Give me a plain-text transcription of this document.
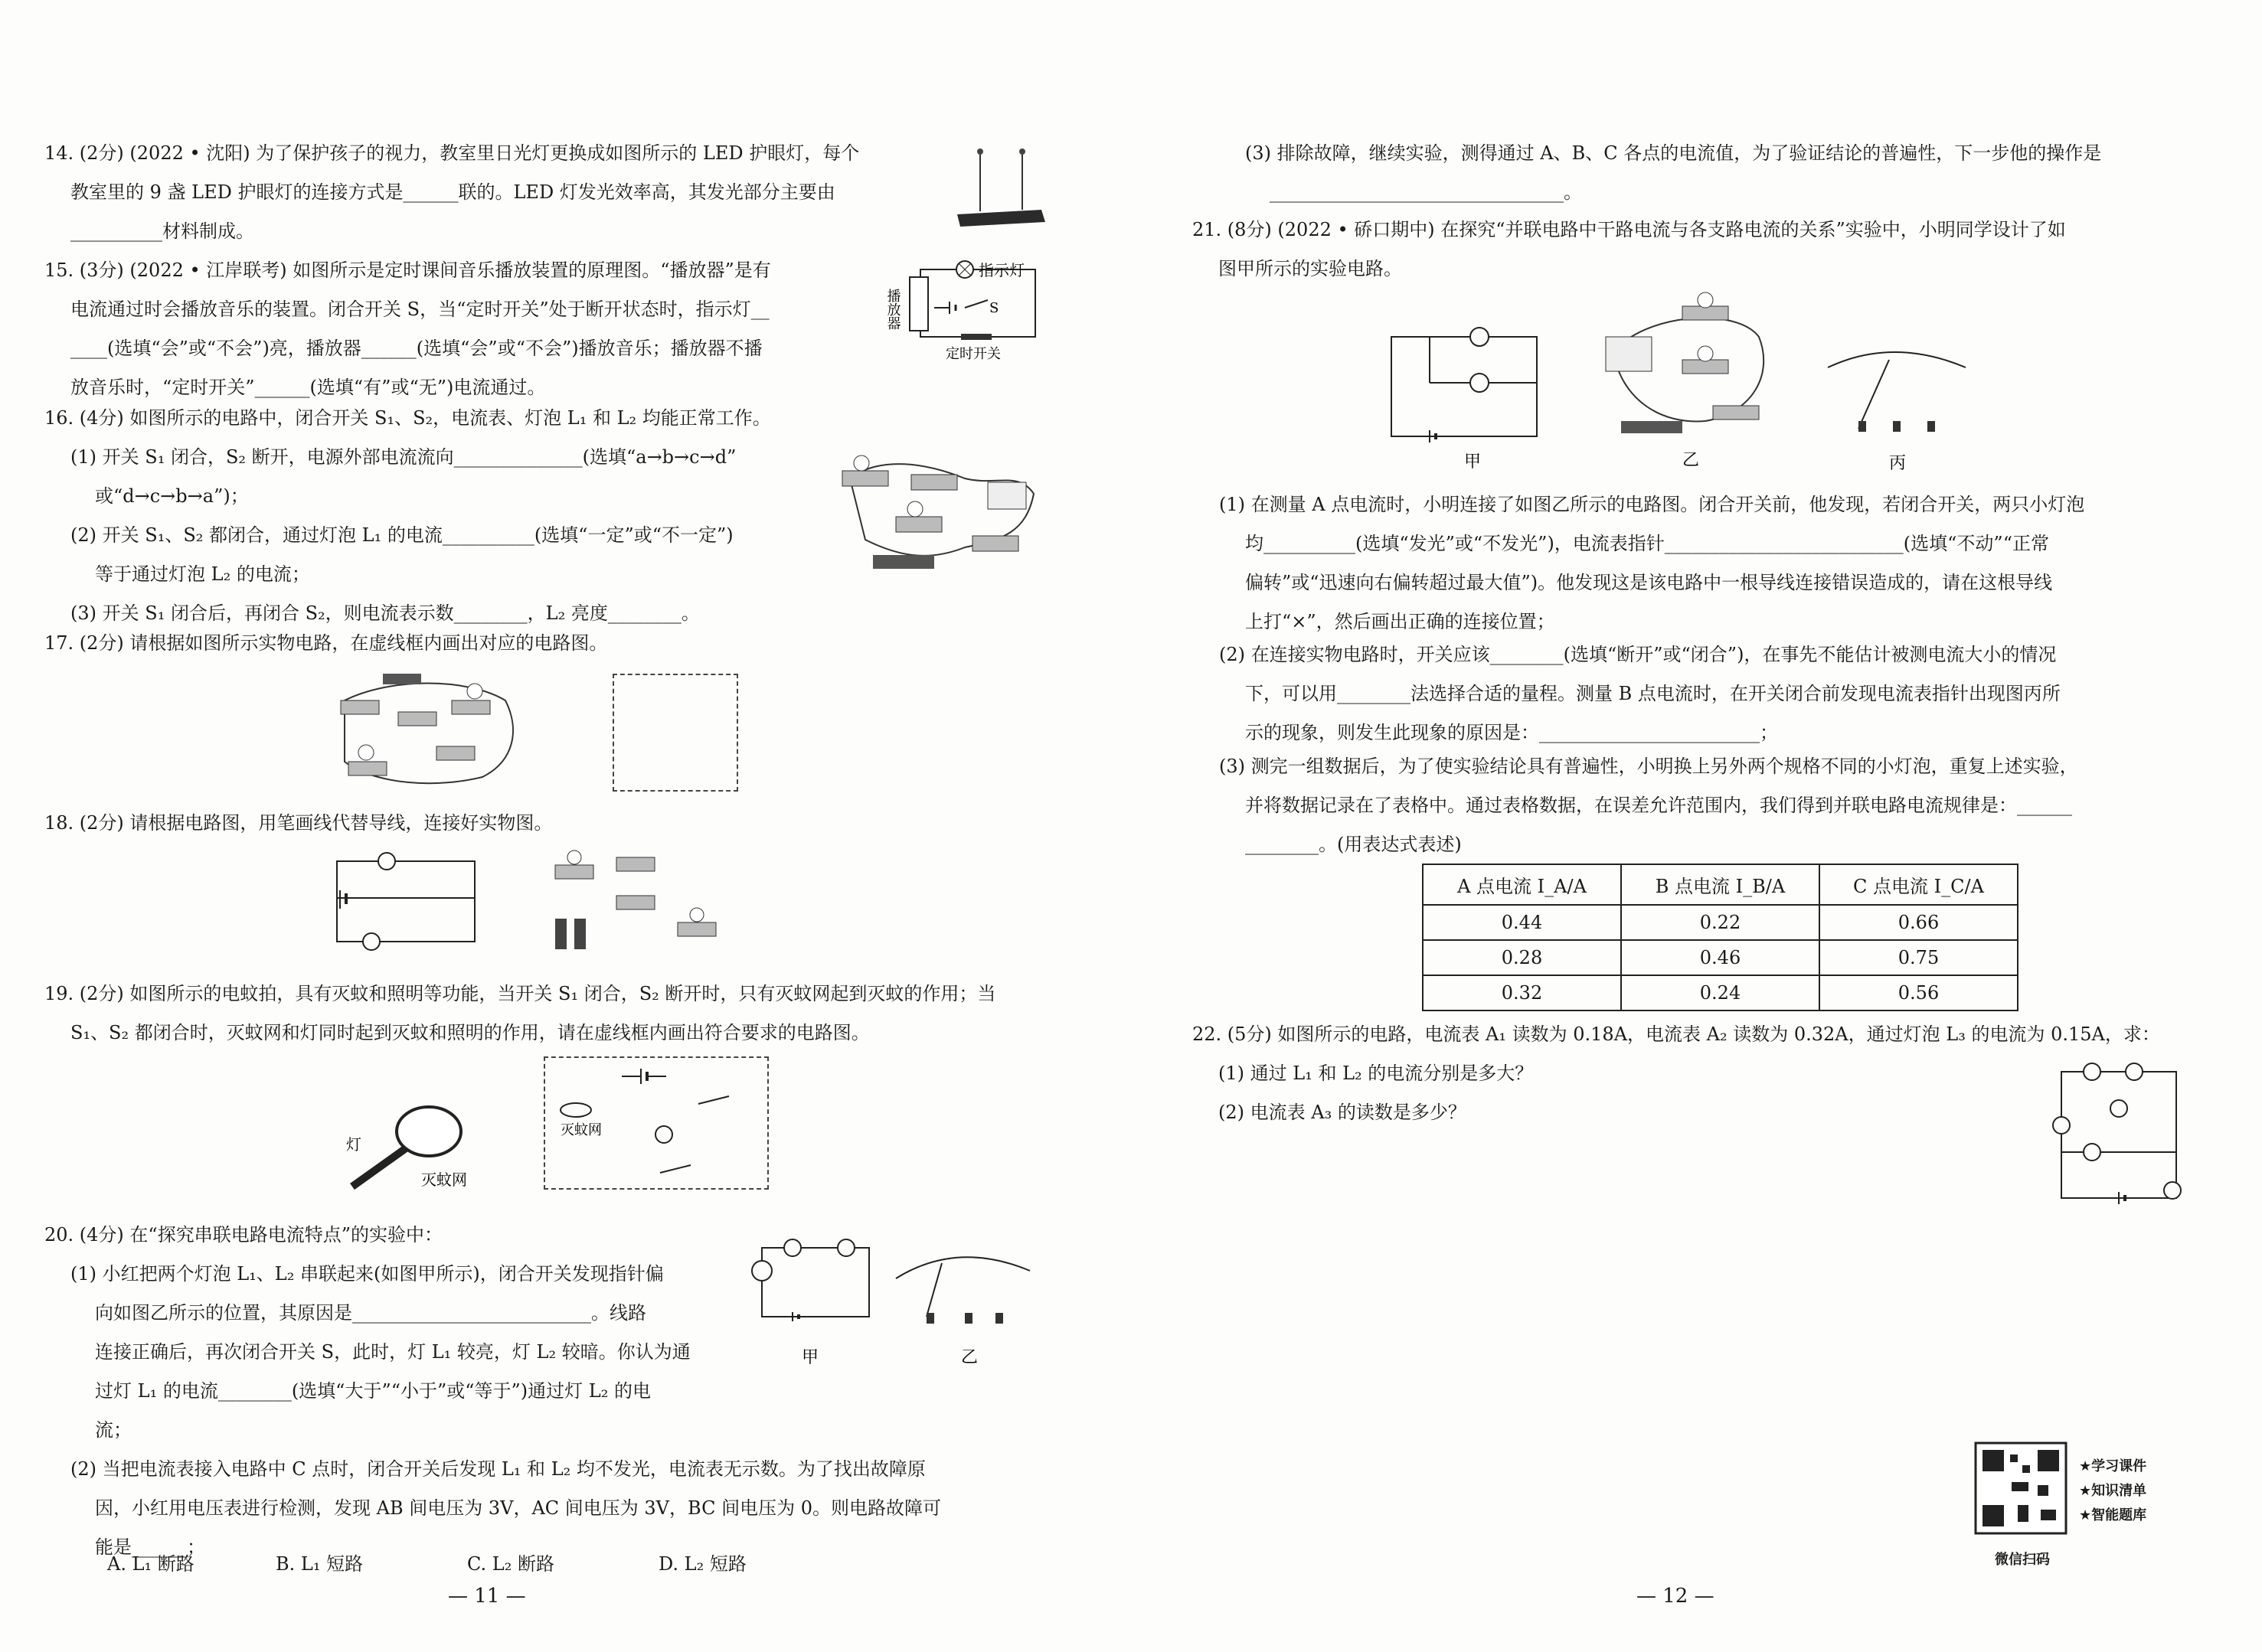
14. (2分) (2022 • 沈阳) 为了保护孩子的视力，教室里日光灯更换成如图所示的 LED 护眼灯，每个
教室里的 9 盏 LED 护眼灯的连接方式是______联的。LED 灯发光效率高，其发光部分主要由
__________材料制成。
15. (3分) (2022 • 江岸联考) 如图所示是定时课间音乐播放装置的原理图。“播放器”是有
电流通过时会播放音乐的装置。闭合开关 S，当“定时开关”处于断开状态时，指示灯__
____(选填“会”或“不会”)亮，播放器______(选填“会”或“不会”)播放音乐；播放器不播
放音乐时，“定时开关”______(选填“有”或“无”)电流通过。
指示灯
播放器	S
定时开关
16. (4分) 如图所示的电路中，闭合开关 S₁、S₂，电流表、灯泡 L₁ 和 L₂ 均能正常工作。
(1) 开关 S₁ 闭合，S₂ 断开，电源外部电流流向______________(选填“a→b→c→d”
或“d→c→b→a”)；
(2) 开关 S₁、S₂ 都闭合，通过灯泡 L₁ 的电流__________(选填“一定”或“不一定”)
等于通过灯泡 L₂ 的电流；
(3) 开关 S₁ 闭合后，再闭合 S₂，则电流表示数________，L₂ 亮度________。
17. (2分) 请根据如图所示实物电路，在虚线框内画出对应的电路图。
18. (2分) 请根据电路图，用笔画线代替导线，连接好实物图。
19. (2分) 如图所示的电蚊拍，具有灭蚊和照明等功能，当开关 S₁ 闭合，S₂ 断开时，只有灭蚊网起到灭蚊的作用；当
S₁、S₂ 都闭合时，灭蚊网和灯同时起到灭蚊和照明的作用，请在虚线框内画出符合要求的电路图。
灯
灭蚊网
灭蚊网
20. (4分) 在“探究串联电路电流特点”的实验中：
(1) 小红把两个灯泡 L₁、L₂ 串联起来(如图甲所示)，闭合开关发现指针偏
向如图乙所示的位置，其原因是__________________________。线路
连接正确后，再次闭合开关 S，此时，灯 L₁ 较亮，灯 L₂ 较暗。你认为通
过灯 L₁ 的电流________(选填“大于”“小于”或“等于”)通过灯 L₂ 的电
流；
(2) 当把电流表接入电路中 C 点时，闭合开关后发现 L₁ 和 L₂ 均不发光，电流表无示数。为了找出故障原
因，小红用电压表进行检测，发现 AB 间电压为 3V，AC 间电压为 3V，BC 间电压为 0。则电路故障可
能是______；
A. L₁ 断路	B. L₁ 短路	C. L₂ 断路	D. L₂ 短路
甲	乙
— 11 —
(3) 排除故障，继续实验，测得通过 A、B、C 各点的电流值，为了验证结论的普遍性，下一步他的操作是
________________________________。
21. (8分) (2022 • 硚口期中) 在探究“并联电路中干路电流与各支路电流的关系”实验中，小明同学设计了如
图甲所示的实验电路。
甲	乙	丙
(1) 在测量 A 点电流时，小明连接了如图乙所示的电路图。闭合开关前，他发现，若闭合开关，两只小灯泡
均__________(选填“发光”或“不发光”)，电流表指针__________________________(选填“不动”“正常
偏转”或“迅速向右偏转超过最大值”)。他发现这是该电路中一根导线连接错误造成的，请在这根导线
上打“×”，然后画出正确的连接位置；
(2) 在连接实物电路时，开关应该________(选填“断开”或“闭合”)，在事先不能估计被测电流大小的情况
下，可以用________法选择合适的量程。测量 B 点电流时，在开关闭合前发现电流表指针出现图丙所
示的现象，则发生此现象的原因是：________________________；
(3) 测完一组数据后，为了使实验结论具有普遍性，小明换上另外两个规格不同的小灯泡，重复上述实验，
并将数据记录在了表格中。通过表格数据，在误差允许范围内，我们得到并联电路电流规律是：______
________。(用表达式表述)
A 点电流 I_A/A	B 点电流 I_B/A	C 点电流 I_C/A
0.44	0.22	0.66
0.28	0.46	0.75
0.32	0.24	0.56
22. (5分) 如图所示的电路，电流表 A₁ 读数为 0.18A，电流表 A₂ 读数为 0.32A，通过灯泡 L₃ 的电流为 0.15A，求：
(1) 通过 L₁ 和 L₂ 的电流分别是多大？
(2) 电流表 A₃ 的读数是多少？
★学习课件
★知识清单
★智能题库
微信扫码
— 12 —
